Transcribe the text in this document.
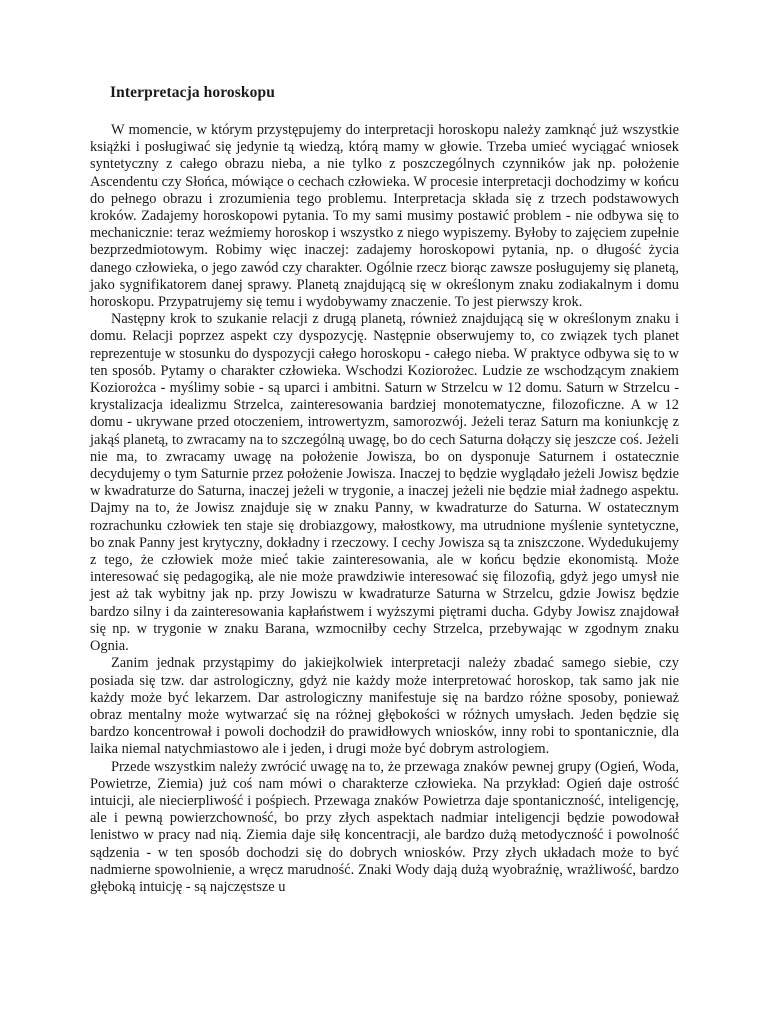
Interpretacja horoskopu

W momencie, w którym przystępujemy do interpretacji horoskopu należy zamknąć już wszystkie książki i posługiwać się jedynie tą wiedzą, którą mamy w głowie. Trzeba umieć wyciągać wniosek syntetyczny z całego obrazu nieba, a nie tylko z poszczególnych czynników jak np. położenie Ascendentu czy Słońca, mówiące o cechach człowieka. W procesie interpretacji dochodzimy w końcu do pełnego obrazu i zrozumienia tego problemu. Interpretacja składa się z trzech podstawowych kroków. Zadajemy horoskopowi pytania. To my sami musimy postawić problem - nie odbywa się to mechanicznie: teraz weźmiemy horoskop i wszystko z niego wypiszemy. Byłoby to zajęciem zupełnie bezprzedmiotowym. Robimy więc inaczej: zadajemy horoskopowi pytania, np. o długość życia danego człowieka, o jego zawód czy charakter. Ogólnie rzecz biorąc zawsze posługujemy się planetą, jako sygnifikatorem danej sprawy. Planetą znajdującą się w określonym znaku zodiakalnym i domu horoskopu. Przypatrujemy się temu i wydobywamy znaczenie. To jest pierwszy krok.

Następny krok to szukanie relacji z drugą planetą, również znajdującą się w określonym znaku i domu. Relacji poprzez aspekt czy dyspozycję. Następnie obserwujemy to, co związek tych planet reprezentuje w stosunku do dyspozycji całego horoskopu - całego nieba. W praktyce odbywa się to w ten sposób. Pytamy o charakter człowieka. Wschodzi Koziorożec. Ludzie ze wschodzącym znakiem Koziorożca - myślimy sobie - są uparci i ambitni. Saturn w Strzelcu w 12 domu. Saturn w Strzelcu - krystalizacja idealizmu Strzelca, zainteresowania bardziej monotematyczne, filozoficzne. A w 12 domu - ukrywane przed otoczeniem, introwertyzm, samorozwój. Jeżeli teraz Saturn ma koniunkcję z jakąś planetą, to zwracamy na to szczególną uwagę, bo do cech Saturna dołączy się jeszcze coś. Jeżeli nie ma, to zwracamy uwagę na położenie Jowisza, bo on dysponuje Saturnem i ostatecznie decydujemy o tym Saturnie przez położenie Jowisza. Inaczej to będzie wyglądało jeżeli Jowisz będzie w kwadraturze do Saturna, inaczej jeżeli w trygonie, a inaczej jeżeli nie będzie miał żadnego aspektu. Dajmy na to, że Jowisz znajduje się w znaku Panny, w kwadraturze do Saturna. W ostatecznym rozrachunku człowiek ten staje się drobiazgowy, małostkowy, ma utrudnione myślenie syntetyczne, bo znak Panny jest krytyczny, dokładny i rzeczowy. I cechy Jowisza są ta zniszczone. Wydedukujemy z tego, że człowiek może mieć takie zainteresowania, ale w końcu będzie ekonomistą. Może interesować się pedagogiką, ale nie może prawdziwie interesować się filozofią, gdyż jego umysł nie jest aż tak wybitny jak np. przy Jowiszu w kwadraturze Saturna w Strzelcu, gdzie Jowisz będzie bardzo silny i da zainteresowania kapłaństwem i wyższymi piętrami ducha. Gdyby Jowisz znajdował się np. w trygonie w znaku Barana, wzmocniłby cechy Strzelca, przebywając w zgodnym znaku Ognia.

Zanim jednak przystąpimy do jakiejkolwiek interpretacji należy zbadać samego siebie, czy posiada się tzw. dar astrologiczny, gdyż nie każdy może interpretować horoskop, tak samo jak nie każdy może być lekarzem. Dar astrologiczny manifestuje się na bardzo różne sposoby, ponieważ obraz mentalny może wytwarzać się na różnej głębokości w różnych umysłach. Jeden będzie się bardzo koncentrował i powoli dochodził do prawidłowych wniosków, inny robi to spontanicznie, dla laika niemal natychmiastowo ale i jeden, i drugi może być dobrym astrologiem.

Przede wszystkim należy zwrócić uwagę na to, że przewaga znaków pewnej grupy (Ogień, Woda, Powietrze, Ziemia) już coś nam mówi o charakterze człowieka. Na przykład: Ogień daje ostrość intuicji, ale niecierpliwość i pośpiech. Przewaga znaków Powietrza daje spontaniczność, inteligencję, ale i pewną powierzchowność, bo przy złych aspektach nadmiar inteligencji będzie powodował lenistwo w pracy nad nią. Ziemia daje siłę koncentracji, ale bardzo dużą metodyczność i powolność sądzenia - w ten sposób dochodzi się do dobrych wniosków. Przy złych układach może to być nadmierne spowolnienie, a wręcz marudność. Znaki Wody dają dużą wyobraźnię, wrażliwość, bardzo głęboką intuicję - są najczęstsze u
